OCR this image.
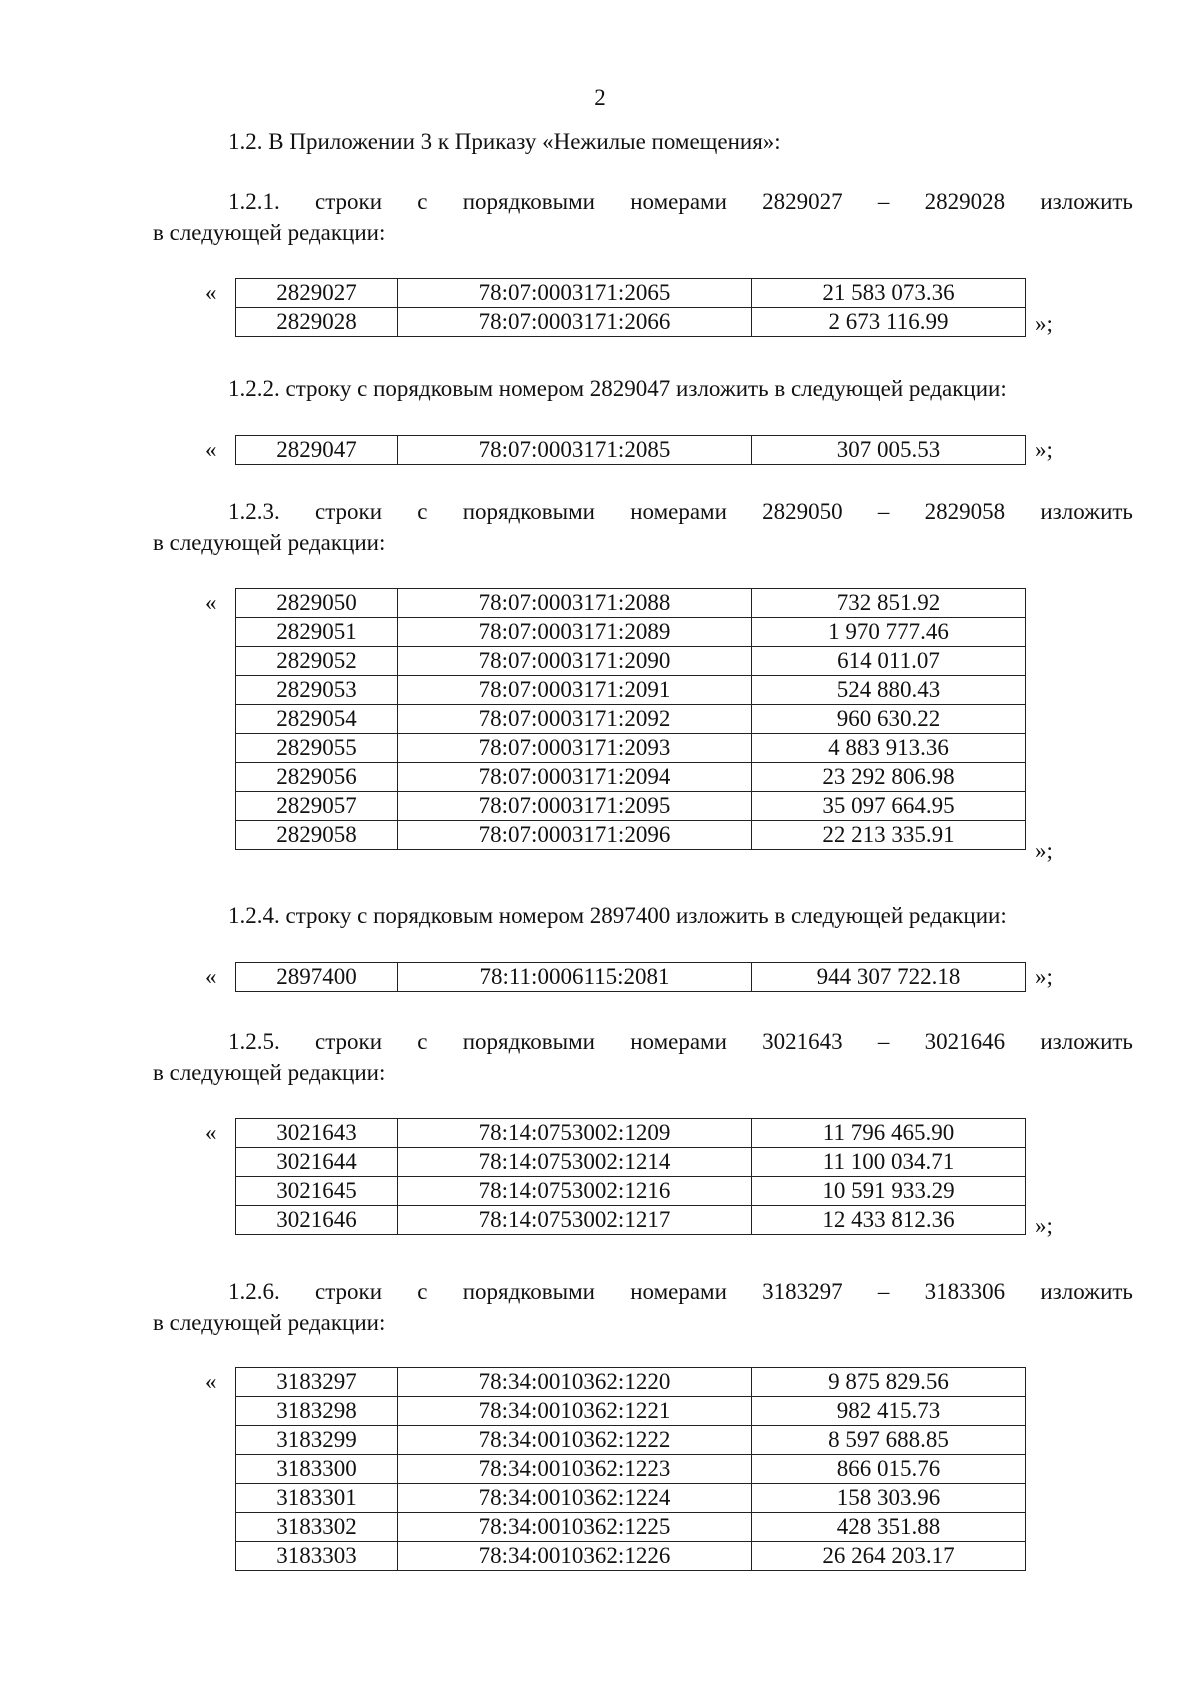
2
1.2. В Приложении 3 к Приказу «Нежилые помещения»:
1.2.1. строки с порядковыми номерами 2829027 – 2829028 изложить
в следующей редакции:
«	2829027	78:07:0003171:2065	21 583 073.36
2829028	78:07:0003171:2066	2 673 116.99	»;
1.2.2. строку с порядковым номером 2829047 изложить в следующей редакции:
«	2829047	78:07:0003171:2085	307 005.53	»;
1.2.3. строки с порядковыми номерами 2829050 – 2829058 изложить
в следующей редакции:
«	2829050	78:07:0003171:2088	732 851.92
2829051	78:07:0003171:2089	1 970 777.46
2829052	78:07:0003171:2090	614 011.07
2829053	78:07:0003171:2091	524 880.43
2829054	78:07:0003171:2092	960 630.22
2829055	78:07:0003171:2093	4 883 913.36
2829056	78:07:0003171:2094	23 292 806.98
2829057	78:07:0003171:2095	35 097 664.95
2829058	78:07:0003171:2096	22 213 335.91
»;
1.2.4. строку с порядковым номером 2897400 изложить в следующей редакции:
«	2897400	78:11:0006115:2081	944 307 722.18	»;
1.2.5. строки с порядковыми номерами 3021643 – 3021646 изложить
в следующей редакции:
«	3021643	78:14:0753002:1209	11 796 465.90
3021644	78:14:0753002:1214	11 100 034.71
3021645	78:14:0753002:1216	10 591 933.29
3021646	78:14:0753002:1217	12 433 812.36	»;
1.2.6. строки с порядковыми номерами 3183297 – 3183306 изложить
в следующей редакции:
«	3183297	78:34:0010362:1220	9 875 829.56
3183298	78:34:0010362:1221	982 415.73
3183299	78:34:0010362:1222	8 597 688.85
3183300	78:34:0010362:1223	866 015.76
3183301	78:34:0010362:1224	158 303.96
3183302	78:34:0010362:1225	428 351.88
3183303	78:34:0010362:1226	26 264 203.17
